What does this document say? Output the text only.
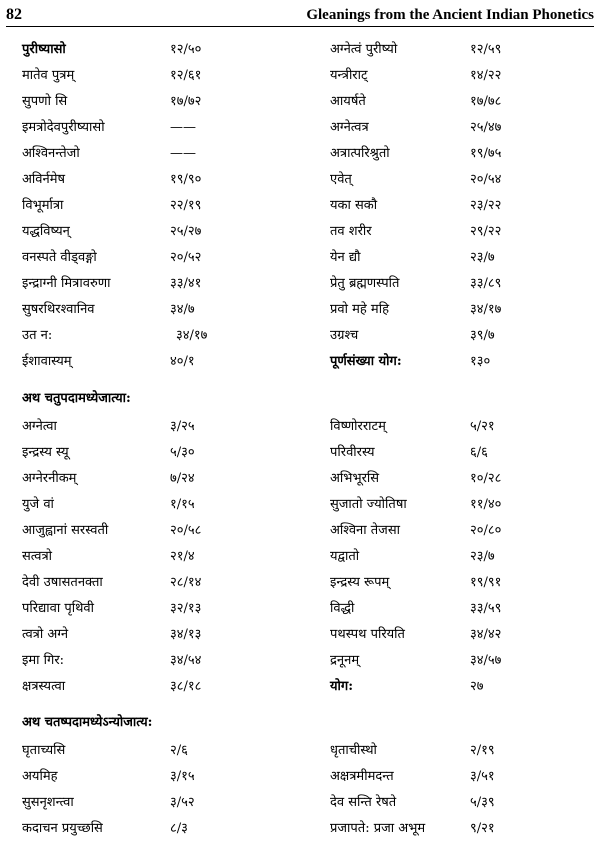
82	Gleanings from the Ancient Indian Phonetics
पुरीष्यासो	१२/५०	अग्नेत्वं पुरीष्यो	१२/५९
मातेव पुत्रम्	१२/६१	यन्त्रीराट्	१४/२२
सुपणो सि	१७/७२	आयर्षते	१७/७८
इमत्रोदेवपुरीष्यासो	——	अग्नेत्वत्र	२५/४७
अश्विनन्तेजो	——	अत्रात्परिश्रुतो	१९/७५
अविर्नमेष	१९/९०	एवेत्	२०/५४
विभूर्मात्रा	२२/१९	यका सकौ	२३/२२
यद्धविष्यन्	२५/२७	तव शरीर	२९/२२
वनस्पते वीड्वङ्गो	२०/५२	येन द्यौ	२३/७
इन्द्राग्नी मित्रावरुणा	३३/४१	प्रेतु ब्रह्मणस्पति	३३/८९
सुषरथिरश्वानिव	३४/७	प्रवो महे महि	३४/१७
उत न:	३४/१७	उग्रश्च	३९/७
ईशावास्यम्	४०/१	पूर्णसंख्या योग:	१३०
अथ चतुपदामध्येजात्या:
अग्नेत्वा	३/२५	विष्णोरराटम्	५/२१
इन्द्रस्य स्यू	५/३०	परिवीरस्य	६/६
अग्नेरनीकम्	७/२४	अभिभूरसि	१०/२८
युजे वां	१/१५	सुजातो ज्योतिषा	११/४०
आजुह्वानां सरस्वती	२०/५८	अश्विना तेजसा	२०/८०
सत्वत्रो	२१/४	यद्वातो	२३/७
देवी उषासतनक्ता	२८/१४	इन्द्रस्य रूपम्	१९/९१
परिद्यावा पृथिवी	३२/१३	विद्धी	३३/५९
त्वत्रो अग्ने	३४/१३	पथस्पथ परियति	३४/४२
इमा गिर:	३४/५४	द्रनूनम्	३४/५७
क्षत्रस्यत्वा	३८/१८	योग:	२७
अथ चतष्पदामध्येऽन्योजात्य:
घृताच्यसि	२/६	धृताचीस्थो	२/१९
अयमिह	३/१५	अक्षत्रमीमदन्त	३/५१
सुसनृशन्त्वा	३/५२	देव सन्ति रेषते	५/३९
कदाचन प्रयुच्छसि	८/३	प्रजापते: प्रजा अभूम	९/२१
